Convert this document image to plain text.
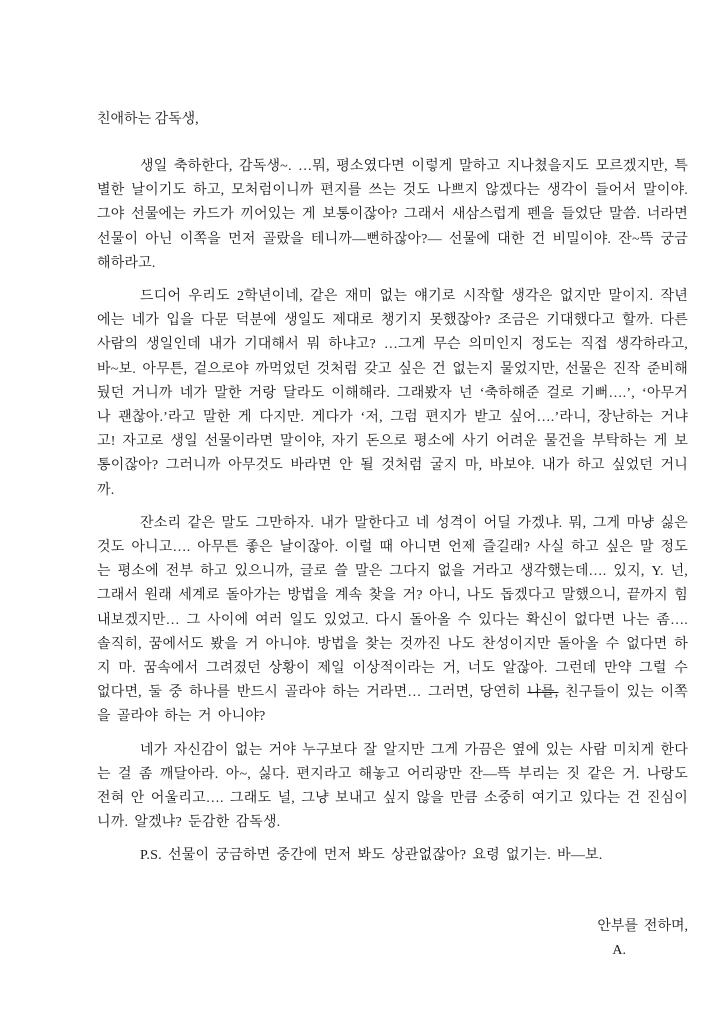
친애하는 감독생,

생일 축하한다, 감독생~. …뭐, 평소였다면 이렇게 말하고 지나쳤을지도 모르겠지만, 특별한 날이기도 하고, 모처럼이니까 편지를 쓰는 것도 나쁘지 않겠다는 생각이 들어서 말이야. 그야 선물에는 카드가 끼어있는 게 보통이잖아? 그래서 새삼스럽게 펜을 들었단 말씀. 너라면 선물이 아닌 이쪽을 먼저 골랐을 테니까—뻔하잖아?— 선물에 대한 건 비밀이야. 잔~뜩 궁금해하라고.

드디어 우리도 2학년이네, 같은 재미 없는 얘기로 시작할 생각은 없지만 말이지. 작년에는 네가 입을 다문 덕분에 생일도 제대로 챙기지 못했잖아? 조금은 기대했다고 할까. 다른 사람의 생일인데 내가 기대해서 뭐 하냐고? …그게 무슨 의미인지 정도는 직접 생각하라고, 바~보. 아무튼, 겉으로야 까먹었던 것처럼 갖고 싶은 건 없는지 물었지만, 선물은 진작 준비해 뒀던 거니까 네가 말한 거랑 달라도 이해해라. 그래봤자 넌 ‘축하해준 걸로 기뻐….’, ‘아무거나 괜찮아.’라고 말한 게 다지만. 게다가 ‘저, 그럼 편지가 받고 싶어….’라니, 장난하는 거냐고! 자고로 생일 선물이라면 말이야, 자기 돈으로 평소에 사기 어려운 물건을 부탁하는 게 보통이잖아? 그러니까 아무것도 바라면 안 될 것처럼 굴지 마, 바보야. 내가 하고 싶었던 거니까.

잔소리 같은 말도 그만하자. 내가 말한다고 네 성격이 어딜 가겠냐. 뭐, 그게 마냥 싫은 것도 아니고…. 아무튼 좋은 날이잖아. 이럴 때 아니면 언제 즐길래? 사실 하고 싶은 말 정도는 평소에 전부 하고 있으니까, 글로 쓸 말은 그다지 없을 거라고 생각했는데…. 있지, Y. 넌, 그래서 원래 세계로 돌아가는 방법을 계속 찾을 거? 아니, 나도 돕겠다고 말했으니, 끝까지 힘 내보겠지만… 그 사이에 여러 일도 있었고. 다시 돌아올 수 있다는 확신이 없다면 나는 좀…. 솔직히, 꿈에서도 봤을 거 아니야. 방법을 찾는 것까진 나도 찬성이지만 돌아올 수 없다면 하지 마. 꿈속에서 그려졌던 상황이 제일 이상적이라는 거, 너도 알잖아. 그런데 만약 그럴 수 없다면, 둘 중 하나를 반드시 골라야 하는 거라면… 그러면, 당연히 나를, 친구들이 있는 이쪽을 골라야 하는 거 아니야?

네가 자신감이 없는 거야 누구보다 잘 알지만 그게 가끔은 옆에 있는 사람 미치게 한다는 걸 좀 깨달아라. 아~, 싫다. 편지라고 해놓고 어리광만 잔—뜩 부리는 짓 같은 거. 나랑도 전혀 안 어울리고…. 그래도 널, 그냥 보내고 싶지 않을 만큼 소중히 여기고 있다는 건 진심이니까. 알겠냐? 둔감한 감독생.

P.S. 선물이 궁금하면 중간에 먼저 봐도 상관없잖아? 요령 없기는. 바—보.

안부를 전하며,
A.
